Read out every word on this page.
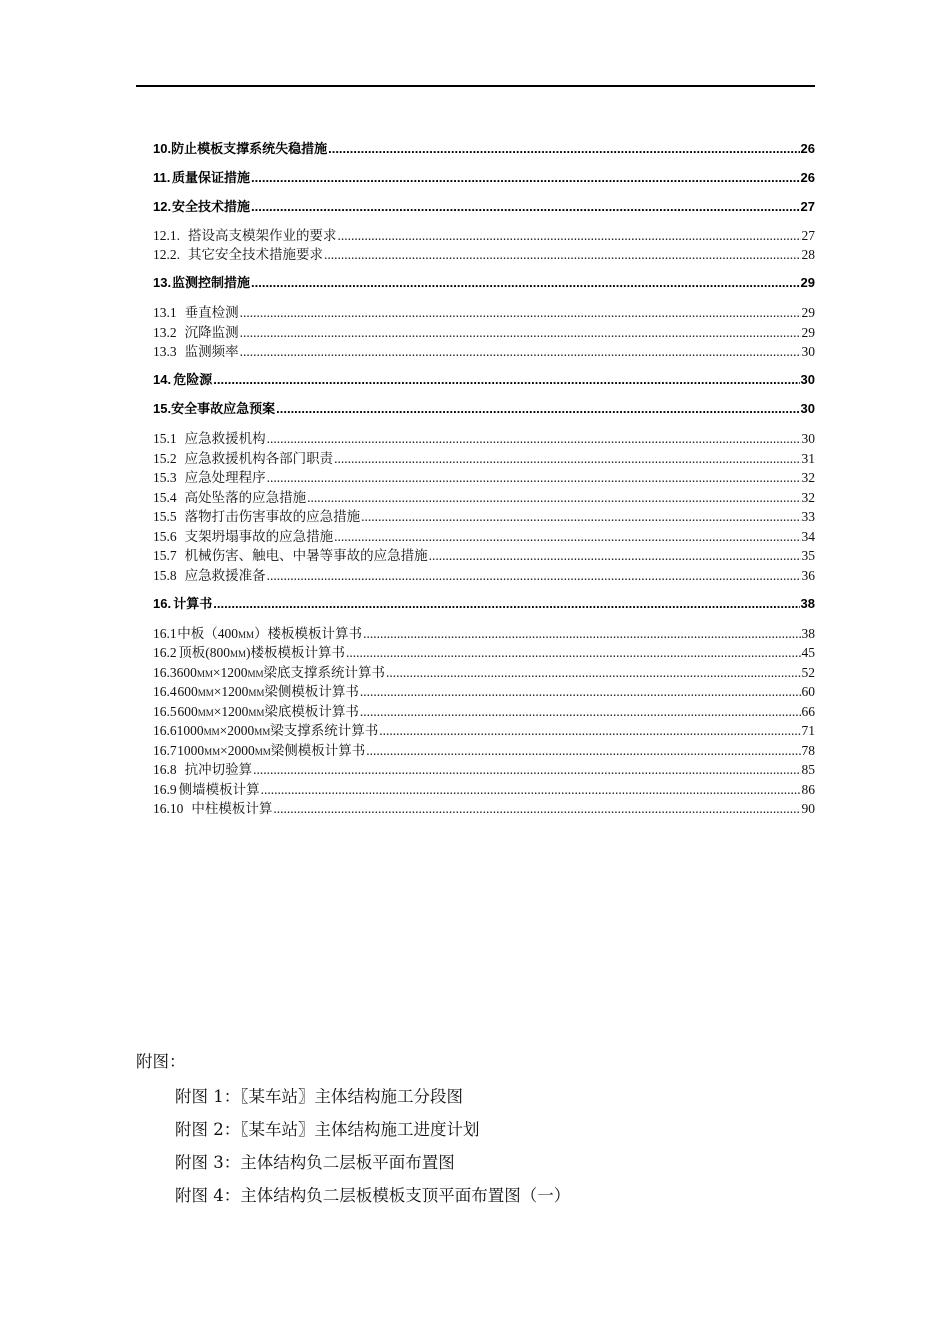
10. 防止模板支撑系统失稳措施 .....	26
11. 质量保证措施 .....	26
12. 安全技术措施 .....	27
12.1. 搭设高支模架作业的要求 .....	27
12.2. 其它安全技术措施要求 .....	28
13. 监测控制措施 .....	29
13.1 垂直检测 .....	29
13.2 沉降监测 .....	29
13.3 监测频率 .....	30
14. 危险源 .....	30
15. 安全事故应急预案 .....	30
15.1 应急救援机构 .....	30
15.2 应急救援机构各部门职责 .....	31
15.3 应急处理程序 .....	32
15.4 高处坠落的应急措施 .....	32
15.5 落物打击伤害事故的应急措施 .....	33
15.6 支架坍塌事故的应急措施 .....	34
15.7 机械伤害、触电、中暑等事故的应急措施 .....	35
15.8 应急救援准备 .....	36
16. 计算书 .....	38
16.1 中板（400MM）楼板模板计算书 .....	38
16.2 顶板(800MM)楼板模板计算书 .....	45
16.3 600MM×1200MM梁底支撑系统计算书 .....	52
16.4 600MM×1200MM梁侧模板计算书 .....	60
16.5 600MM×1200MM梁底模板计算书 .....	66
16.6 1000MM×2000MM梁支撑系统计算书 .....	71
16.7 1000MM×2000MM梁侧模板计算书 .....	78
16.8 抗冲切验算 .....	85
16.9 侧墙模板计算 .....	86
16.10 中柱模板计算 .....	90
附图：
附图 1：〖某车站〗主体结构施工分段图
附图 2：〖某车站〗主体结构施工进度计划
附图 3：主体结构负二层板平面布置图
附图 4：主体结构负二层板模板支顶平面布置图（一）
